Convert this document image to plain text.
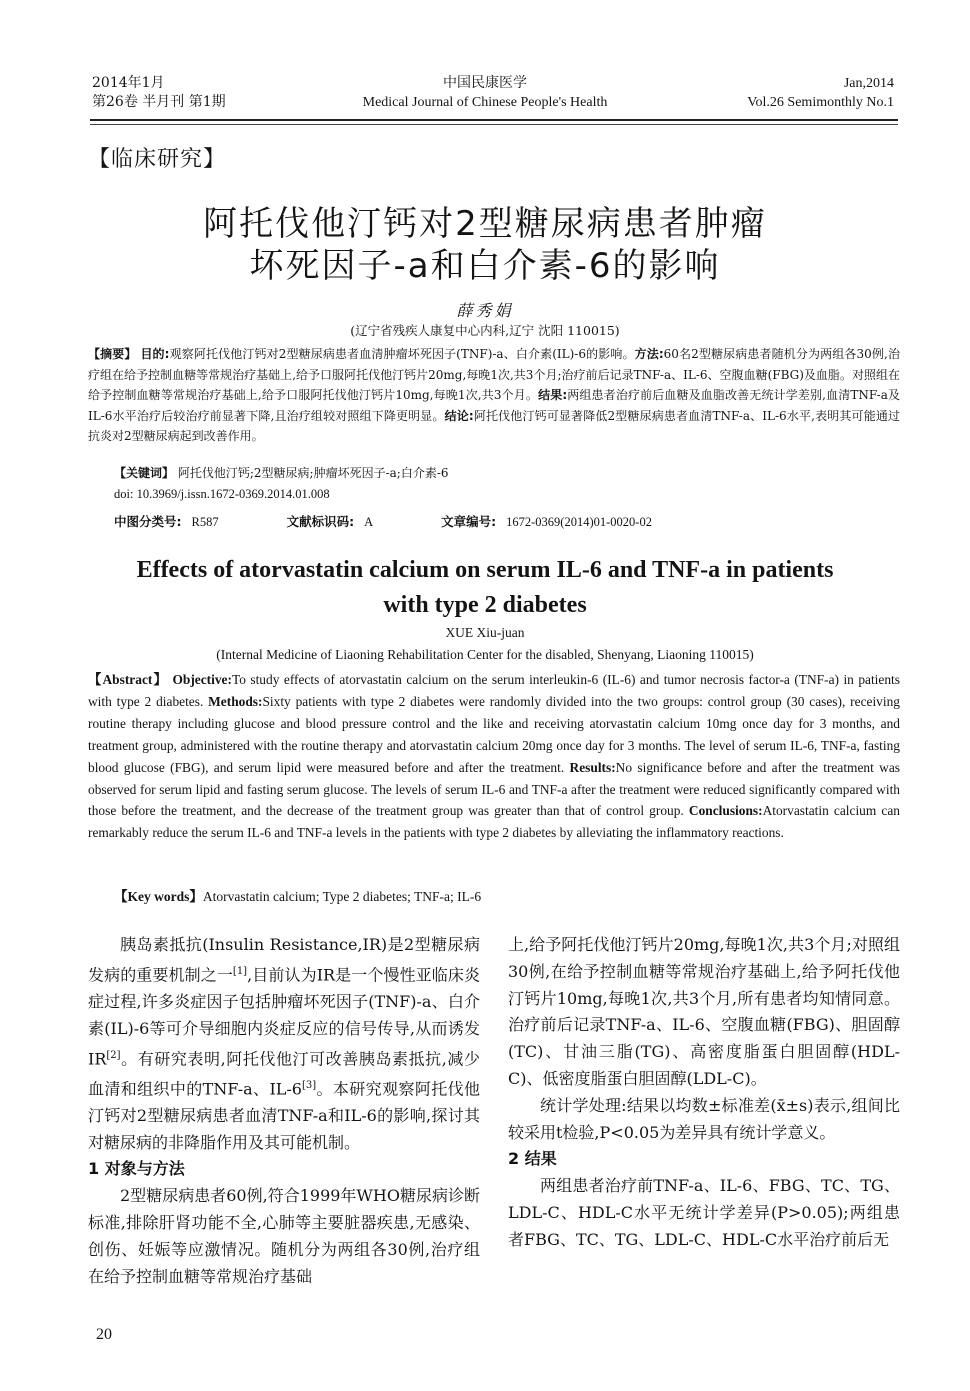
2014年1月
第26卷 半月刊 第1期
中国民康医学
Medical Journal of Chinese People's Health
Jan,2014
Vol.26 Semimonthly No.1
【临床研究】
阿托伐他汀钙对2型糖尿病患者肿瘤
坏死因子-a和白介素-6的影响
薛秀娟
(辽宁省残疾人康复中心内科,辽宁 沈阳 110015)
【摘要】 目的:观察阿托伐他汀钙对2型糖尿病患者血清肿瘤坏死因子(TNF)-a、白介素(IL)-6的影响。方法:60名2型糖尿病患者随机分为两组各30例,治疗组在给予控制血糖等常规治疗基础上,给予口服阿托伐他汀钙片20mg,每晚1次,共3个月;治疗前后记录TNF-a、IL-6、空腹血糖(FBG)及血脂。对照组在给予控制血糖等常规治疗基础上,给予口服阿托伐他汀钙片10mg,每晚1次,共3个月。结果:两组患者治疗前后血糖及血脂改善无统计学差别,血清TNF-a及IL-6水平治疗后较治疗前显著下降,且治疗组较对照组下降更明显。结论:阿托伐他汀钙可显著降低2型糖尿病患者血清TNF-a、IL-6水平,表明其可能通过抗炎对2型糖尿病起到改善作用。
【关键词】 阿托伐他汀钙;2型糖尿病;肿瘤坏死因子-a;白介素-6
doi: 10.3969/j.issn.1672-0369.2014.01.008
中图分类号: R587	文献标识码: A	文章编号: 1672-0369(2014)01-0020-02
Effects of atorvastatin calcium on serum IL-6 and TNF-a in patients
with type 2 diabetes
XUE Xiu-juan
(Internal Medicine of Liaoning Rehabilitation Center for the disabled, Shenyang, Liaoning 110015)
【Abstract】 Objective:To study effects of atorvastatin calcium on the serum interleukin-6 (IL-6) and tumor necrosis factor-a (TNF-a) in patients with type 2 diabetes. Methods:Sixty patients with type 2 diabetes were randomly divided into the two groups: control group (30 cases), receiving routine therapy including glucose and blood pressure control and the like and receiving atorvastatin calcium 10mg once day for 3 months, and treatment group, administered with the routine therapy and atorvastatin calcium 20mg once day for 3 months. The level of serum IL-6, TNF-a, fasting blood glucose (FBG), and serum lipid were measured before and after the treatment. Results:No significance before and after the treatment was observed for serum lipid and fasting serum glucose. The levels of serum IL-6 and TNF-a after the treatment were reduced significantly compared with those before the treatment, and the decrease of the treatment group was greater than that of control group. Conclusions:Atorvastatin calcium can remarkably reduce the serum IL-6 and TNF-a levels in the patients with type 2 diabetes by alleviating the inflammatory reactions.
【Key words】Atorvastatin calcium; Type 2 diabetes; TNF-a; IL-6

胰岛素抵抗(Insulin Resistance,IR)是2型糖尿病发病的重要机制之一[1],目前认为IR是一个慢性亚临床炎症过程,许多炎症因子包括肿瘤坏死因子(TNF)-a、白介素(IL)-6等可介导细胞内炎症反应的信号传导,从而诱发IR[2]。有研究表明,阿托伐他汀可改善胰岛素抵抗,减少血清和组织中的TNF-a、IL-6[3]。本研究观察阿托伐他汀钙对2型糖尿病患者血清TNF-a和IL-6的影响,探讨其对糖尿病的非降脂作用及其可能机制。

1 对象与方法

2型糖尿病患者60例,符合1999年WHO糖尿病诊断标准,排除肝肾功能不全,心肺等主要脏器疾患,无感染、创伤、妊娠等应激情况。随机分为两组各30例,治疗组在给予控制血糖等常规治疗基础

20

上,给予阿托伐他汀钙片20mg,每晚1次,共3个月;对照组30例,在给予控制血糖等常规治疗基础上,给予阿托伐他汀钙片10mg,每晚1次,共3个月,所有患者均知情同意。治疗前后记录TNF-a、IL-6、空腹血糖(FBG)、胆固醇(TC)、甘油三脂(TG)、高密度脂蛋白胆固醇(HDL-C)、低密度脂蛋白胆固醇(LDL-C)。

统计学处理:结果以均数±标准差(x̄±s)表示,组间比较采用t检验,P<0.05为差异具有统计学意义。

2 结果

两组患者治疗前TNF-a、IL-6、FBG、TC、TG、LDL-C、HDL-C水平无统计学差异(P>0.05);两组患者FBG、TC、TG、LDL-C、HDL-C水平治疗前后无
